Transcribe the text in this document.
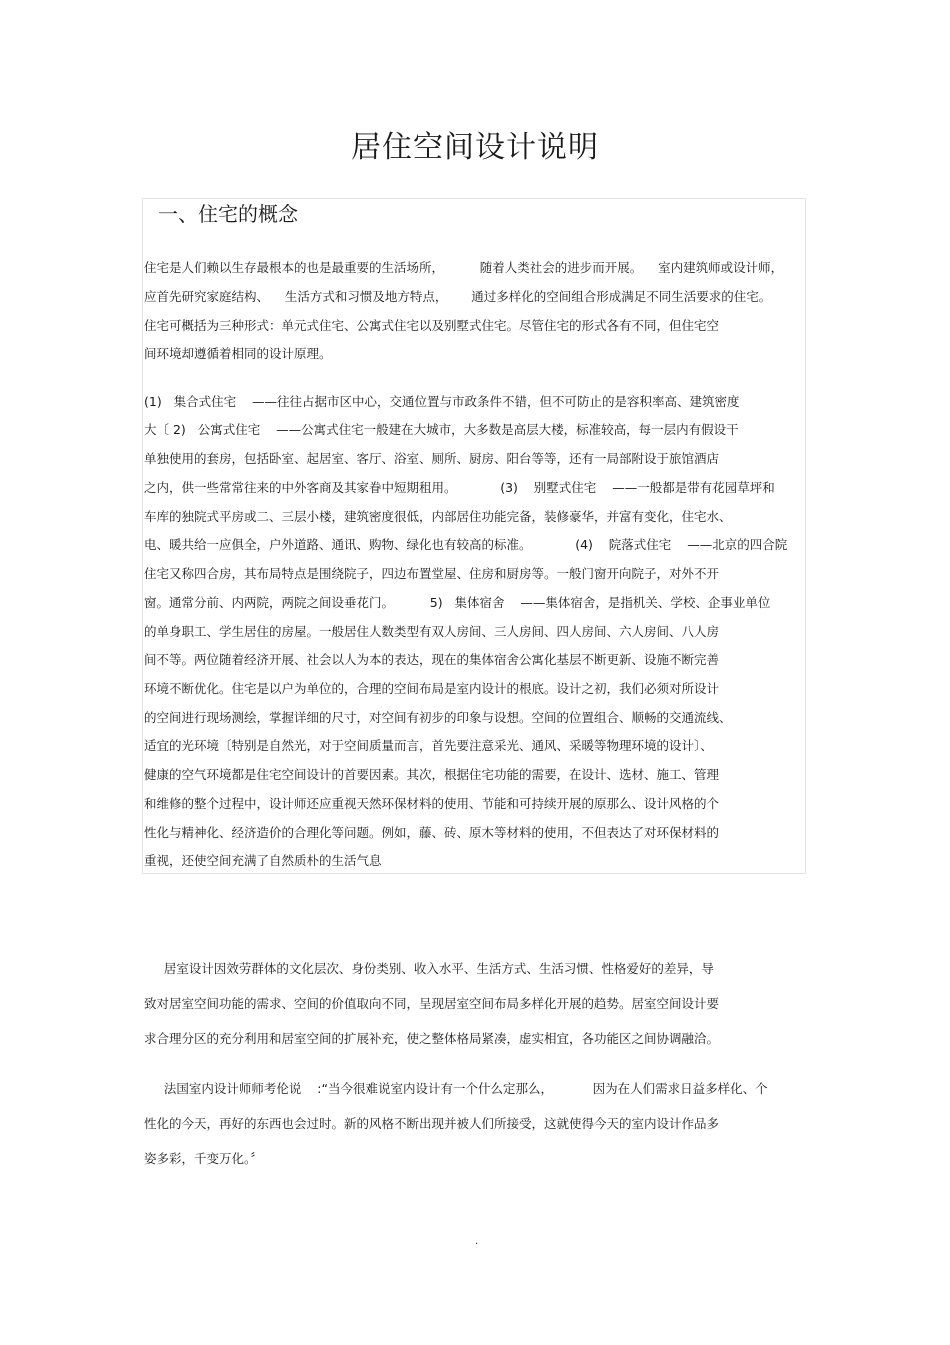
居住空间设计说明
一、住宅的概念

住宅是人们赖以生存最根本的也是最重要的生活场所，         随着人类社会的进步而开展。    室内建筑师或设计师，

应首先研究家庭结构、    生活方式和习惯及地方特点，      通过多样化的空间组合形成满足不同生活要求的住宅。

住宅可概括为三种形式：单元式住宅、公寓式住宅以及别墅式住宅。尽管住宅的形式各有不同，但住宅空

间环境却遵循着相同的设计原理。

(1)   集合式住宅    ——往往占据市区中心，交通位置与市政条件不错，但不可防止的是容积率高、建筑密度

大〔 2)   公寓式住宅    ——公寓式住宅一般建在大城市，大多数是高层大楼，标准较高，每一层内有假设干

单独使用的套房，包括卧室、起居室、客厅、浴室、厕所、厨房、阳台等等，还有一局部附设于旅馆酒店

之内，供一些常常往来的中外客商及其家眷中短期租用。           (3)    别墅式住宅    ——一般都是带有花园草坪和

车库的独院式平房或二、三层小楼，建筑密度很低，内部居住功能完备，装修豪华，并富有变化，住宅水、

电、暖共给一应俱全，户外道路、通讯、购物、绿化也有较高的标准。           (4)    院落式住宅    ——北京的四合院

住宅又称四合房，其布局特点是围绕院子，四边布置堂屋、住房和厨房等。一般门窗开向院子，对外不开

窗。通常分前、内两院，两院之间设垂花门。         5)   集体宿舍    ——集体宿舍，是指机关、学校、企事业单位

的单身职工、学生居住的房屋。一般居住人数类型有双人房间、三人房间、四人房间、六人房间、八人房

间不等。两位随着经济开展、社会以人为本的表达，现在的集体宿舍公寓化基层不断更新、设施不断完善

环境不断优化。住宅是以户为单位的，合理的空间布局是室内设计的根底。设计之初，我们必须对所设计

的空间进行现场测绘，掌握详细的尺寸，对空间有初步的印象与设想。空间的位置组合、顺畅的交通流线、

适宜的光环境〔特别是自然光，对于空间质量而言，首先要注意采光、通风、采暖等物理环境的设计〕、

健康的空气环境都是住宅空间设计的首要因素。其次，根据住宅功能的需要，在设计、选材、施工、管理

和维修的整个过程中，设计师还应重视天然环保材料的使用、节能和可持续开展的原那么、设计风格的个

性化与精神化、经济造价的合理化等问题。例如，藤、砖、原木等材料的使用，不但表达了对环保材料的

重视，还使空间充满了自然质朴的生活气息

居室设计因效劳群体的文化层次、身份类别、收入水平、生活方式、生活习惯、性格爱好的差异，导

致对居室空间功能的需求、空间的价值取向不同，呈现居室空间布局多样化开展的趋势。居室空间设计要

求合理分区的充分利用和居室空间的扩展补充，使之整体格局紧凑，虚实相宜，各功能区之间协调融洽。

法国室内设计师师考伦说    :“当今很难说室内设计有一个什么定那么，          因为在人们需求日益多样化、个

性化的今天，再好的东西也会过时。新的风格不断出现并被人们所接受，这就使得今天的室内设计作品多

姿多彩，千变万化。〞

.
